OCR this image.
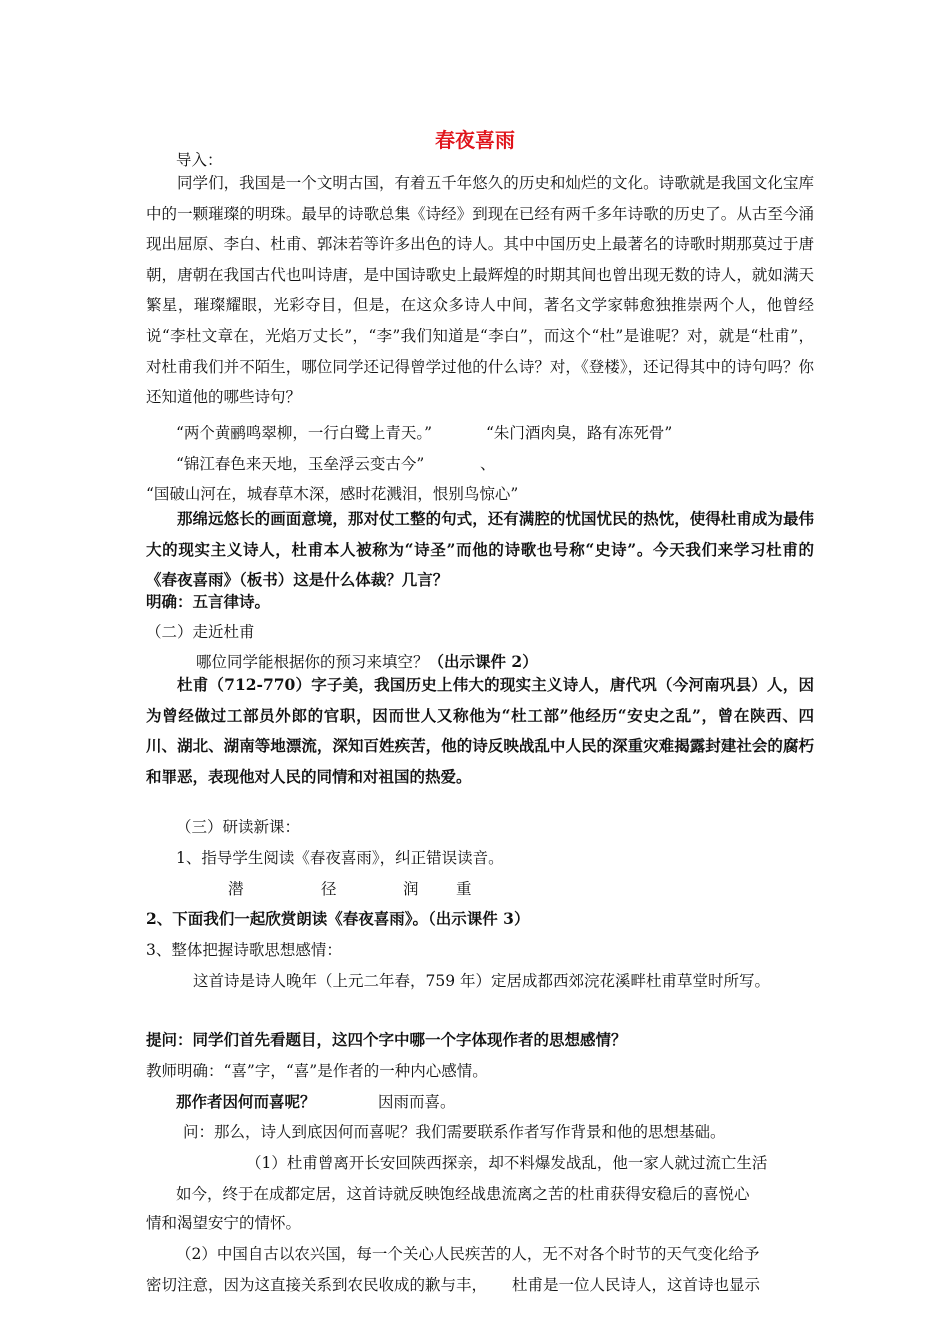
春夜喜雨
导入：
同学们，我国是一个文明古国，有着五千年悠久的历史和灿烂的文化。诗歌就是我国文化宝库中的一颗璀璨的明珠。最早的诗歌总集《诗经》到现在已经有两千多年诗歌的历史了。从古至今涌现出屈原、李白、杜甫、郭沫若等许多出色的诗人。其中中国历史上最著名的诗歌时期那莫过于唐朝，唐朝在我国古代也叫诗唐，是中国诗歌史上最辉煌的时期其间也曾出现无数的诗人，就如满天繁星，璀璨耀眼，光彩夺目，但是，在这众多诗人中间，著名文学家韩愈独推崇两个人，他曾经说“李杜文章在，光焰万丈长”，“李”我们知道是“李白”，而这个“杜”是谁呢？对，就是“杜甫”，对杜甫我们并不陌生，哪位同学还记得曾学过他的什么诗？对，《登楼》，还记得其中的诗句吗？你还知道他的哪些诗句？
“两个黄鹂鸣翠柳，一行白鹭上青天。”	“朱门酒肉臭，路有冻死骨”
“锦江春色来天地，玉垒浮云变古今”	、
“国破山河在，城春草木深，感时花溅泪，恨别鸟惊心”
那绵远悠长的画面意境，那对仗工整的句式，还有满腔的忧国忧民的热忱，使得杜甫成为最伟大的现实主义诗人，杜甫本人被称为“诗圣”而他的诗歌也号称“史诗”。今天我们来学习杜甫的《春夜喜雨》（板书）这是什么体裁？几言？
明确：五言律诗。
（二）走近杜甫
哪位同学能根据你的预习来填空？（出示课件 2）
杜甫（712-770）字子美，我国历史上伟大的现实主义诗人，唐代巩（今河南巩县）人，因为曾经做过工部员外郎的官职，因而世人又称他为“杜工部”他经历“安史之乱”，曾在陕西、四川、湖北、湖南等地漂流，深知百姓疾苦，他的诗反映战乱中人民的深重灾难揭露封建社会的腐朽和罪恶，表现他对人民的同情和对祖国的热爱。
（三）研读新课：
1、指导学生阅读《春夜喜雨》，纠正错误读音。
潜	径	润 重
2、下面我们一起欣赏朗读《春夜喜雨》。（出示课件 3）
3、整体把握诗歌思想感情：
这首诗是诗人晚年（上元二年春，759 年）定居成都西郊浣花溪畔杜甫草堂时所写。
提问：同学们首先看题目，这四个字中哪一个字体现作者的思想感情？
教师明确：“喜”字，“喜”是作者的一种内心感情。
那作者因何而喜呢？	因雨而喜。
问：那么，诗人到底因何而喜呢？我们需要联系作者写作背景和他的思想基础。
（1）杜甫曾离开长安回陕西探亲，却不料爆发战乱，他一家人就过流亡生活
如今，终于在成都定居，这首诗就反映饱经战患流离之苦的杜甫获得安稳后的喜悦心
情和渴望安宁的情怀。
（2）中国自古以农兴国，每一个关心人民疾苦的人，无不对各个时节的天气变化给予
密切注意，因为这直接关系到农民收成的歉与丰， 杜甫是一位人民诗人，这首诗也显示
